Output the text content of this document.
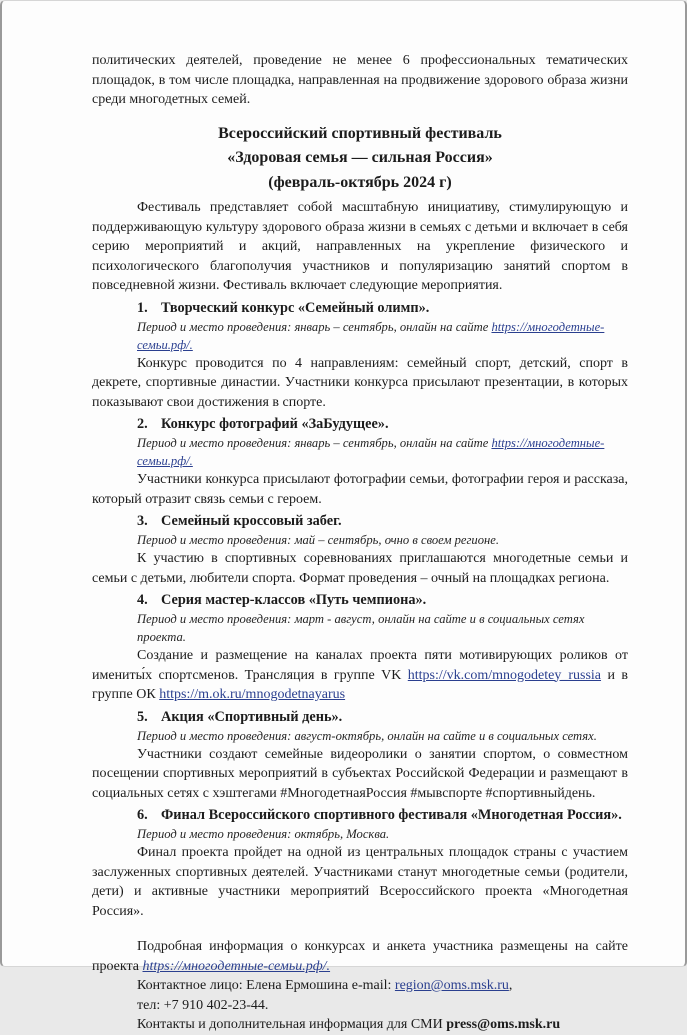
политических деятелей, проведение не менее 6 профессиональных тематических площадок, в том числе площадка, направленная на продвижение здорового образа жизни среди многодетных семей.

Всероссийский спортивный фестиваль
«Здоровая семья — сильная Россия»
(февраль-октябрь 2024 г)

Фестиваль представляет собой масштабную инициативу, стимулирующую и поддерживающую культуру здорового образа жизни в семьях с детьми и включает в себя серию мероприятий и акций, направленных на укрепление физического и психологического благополучия участников и популяризацию занятий спортом в повседневной жизни. Фестиваль включает следующие мероприятия.

1. Творческий конкурс «Семейный олимп».
Период и место проведения: январь – сентябрь, онлайн на сайте https://многодетные-семьи.рф/.

Конкурс проводится по 4 направлениям: семейный спорт, детский, спорт в декрете, спортивные династии. Участники конкурса присылают презентации, в которых показывают свои достижения в спорте.

2. Конкурс фотографий «ЗаБудущее».
Период и место проведения: январь – сентябрь, онлайн на сайте https://многодетные-семьи.рф/.

Участники конкурса присылают фотографии семьи, фотографии героя и рассказа, который отразит связь семьи с героем.

3. Семейный кроссовый забег.
Период и место проведения: май – сентябрь, очно в своем регионе.

К участию в спортивных соревнованиях приглашаются многодетные семьи и семьи с детьми, любители спорта. Формат проведения – очный на площадках региона.

4. Серия мастер-классов «Путь чемпиона».
Период и место проведения: март - август, онлайн на сайте и в социальных сетях проекта.

Создание и размещение на каналах проекта пяти мотивирующих роликов от имениты́х спортсменов. Трансляция в группе VK https://vk.com/mnogodetey_russia и в группе ОК https://m.ok.ru/mnogodetnayarus

5. Акция «Спортивный день».
Период и место проведения: август-октябрь, онлайн на сайте и в социальных сетях.

Участники создают семейные видеоролики о занятии спортом, о совместном посещении спортивных мероприятий в субъектах Российской Федерации и размещают в социальных сетях с хэштегами #МногодетнаяРоссия #мывспорте #спортивныйдень.

6. Финал Всероссийского спортивного фестиваля «Многодетная Россия».
Период и место проведения: октябрь, Москва.

Финал проекта пройдет на одной из центральных площадок страны с участием заслуженных спортивных деятелей. Участниками станут многодетные семьи (родители, дети) и активные участники мероприятий Всероссийского проекта «Многодетная Россия».

Подробная информация о конкурсах и анкета участника размещены на сайте проекта https://многодетные-семьи.рф/.

Контактное лицо: Елена Ермошина e-mail: region@oms.msk.ru,

тел: +7 910 402-23-44.

Контакты и дополнительная информация для СМИ press@oms.msk.ru
